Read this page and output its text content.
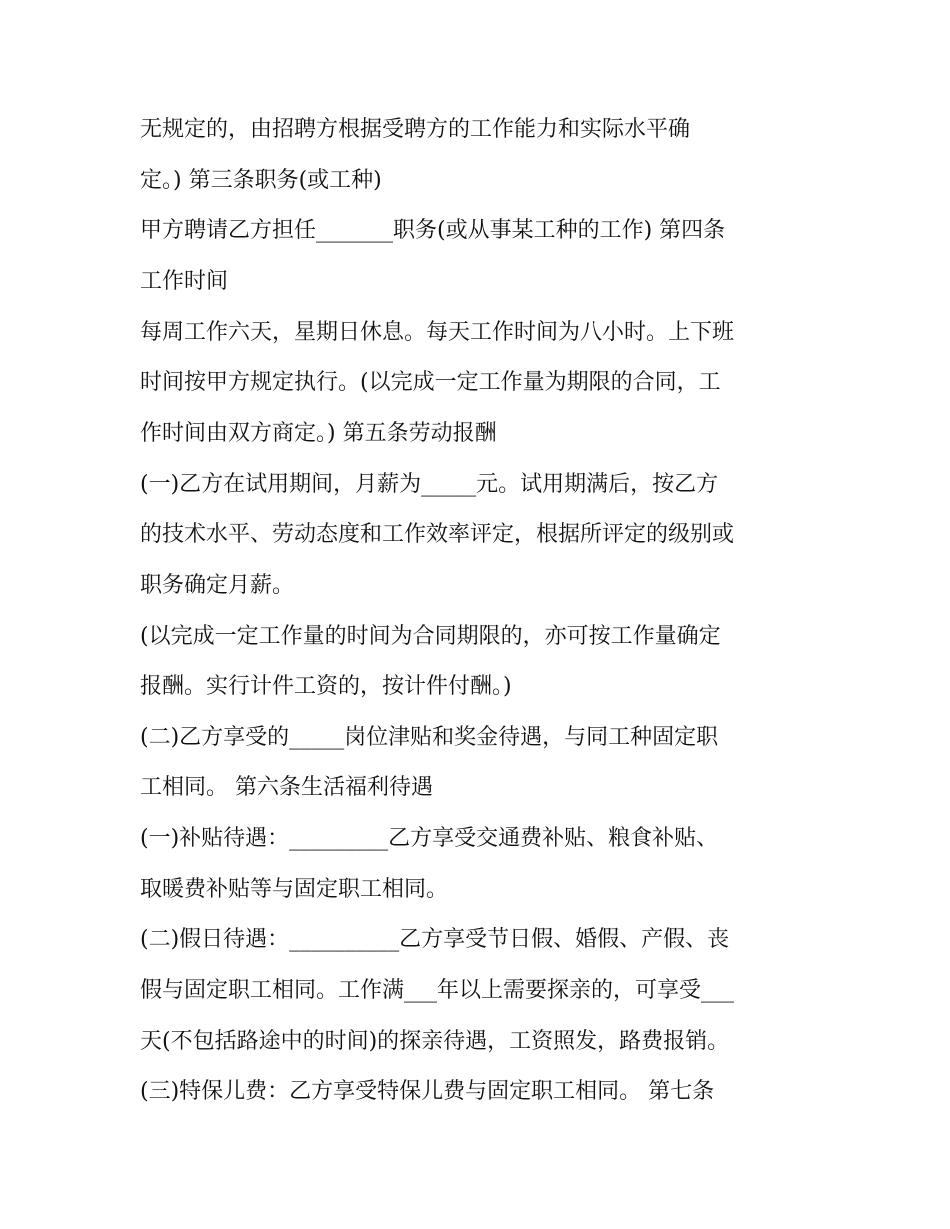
无规定的，由招聘方根据受聘方的工作能力和实际水平确
定。) 第三条职务(或工种)
甲方聘请乙方担任_______职务(或从事某工种的工作) 第四条
工作时间
每周工作六天，星期日休息。每天工作时间为八小时。上下班
时间按甲方规定执行。(以完成一定工作量为期限的合同，工
作时间由双方商定。) 第五条劳动报酬
(一)乙方在试用期间，月薪为_____元。试用期满后，按乙方
的技术水平、劳动态度和工作效率评定，根据所评定的级别或
职务确定月薪。
(以完成一定工作量的时间为合同期限的，亦可按工作量确定
报酬。实行计件工资的，按计件付酬。)
(二)乙方享受的_____岗位津贴和奖金待遇，与同工种固定职
工相同。 第六条生活福利待遇
(一)补贴待遇：_________乙方享受交通费补贴、粮食补贴、
取暖费补贴等与固定职工相同。
(二)假日待遇：__________乙方享受节日假、婚假、产假、丧
假与固定职工相同。工作满___年以上需要探亲的，可享受___
天(不包括路途中的时间)的探亲待遇，工资照发，路费报销。
(三)特保儿费：乙方享受特保儿费与固定职工相同。 第七条
